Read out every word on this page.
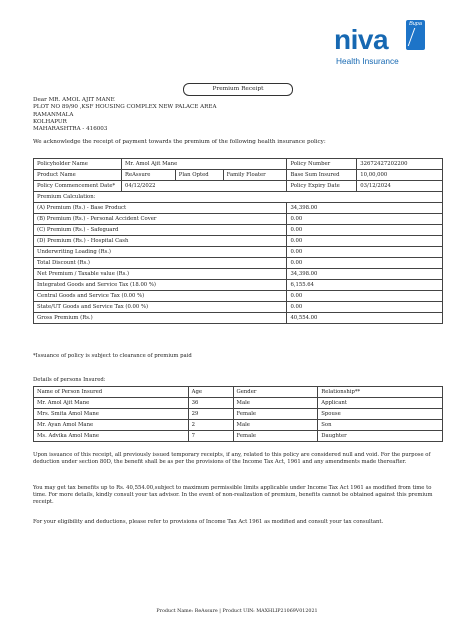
niva	Bupa
Health Insurance
Premium Receipt
Dear MR. AMOL AJIT MANE
PLOT NO 89/90 ,KSF HOUSING COMPLEX NEW PALACE AREA
RAMANMALA
KOLHAPUR
MAHARASHTRA - 416003
We acknowledge the receipt of payment towards the premium of the following health insurance policy:
Policyholder Name	Mr. Amol Ajit Mane			Policy Number	32672427202200
Product Name	ReAssure	Plan Opted	Family Floater	Base Sum Insured	10,00,000
Policy Commencement Date*	04/12/2022			Policy Expiry Date	03/12/2024
Premium Calculation:					
(A) Premium (Rs.) - Base Product				34,398.00	
(B) Premium (Rs.) - Personal Accident Cover				0.00	
(C) Premium (Rs.) - Safeguard				0.00	
(D) Premium (Rs.) - Hospital Cash				0.00	
Underwriting Loading (Rs.)				0.00	
Total Discount (Rs.)				0.00	
Net Premium / Taxable value (Rs.)				34,398.00	
Integrated Goods and Service Tax (18.00 %)				6,155.64	
Central Goods and Service Tax (0.00 %)				0.00	
State/UT Goods and Service Tax (0.00 %)				0.00	
Gross Premium (Rs.)				40,554.00	
*Issuance of policy is subject to clearance of premium paid
Details of persons Insured:
Name of Person Insured	Age	Gender	Relationship**
Mr. Amol Ajit Mane	36	Male	Applicant
Mrs. Smita Amol Mane	29	Female	Spouse
Mr. Ayan Amol Mane	2	Male	Son
Ms. Advika Amol Mane	7	Female	Daughter
Upon issuance of this receipt, all previously issued temporary receipts, if any, related to this policy are considered null and void. For the purpose of deduction under section 80D, the benefit shall be as per the provisions of the Income Tax Act, 1961 and any amendments made thereafter.
You may get tax benefits up to Rs. 40,554.00,subject to maximum permissible limits applicable under Income Tax Act 1961 as modified from time to time. For more details, kindly consult your tax advisor. In the event of non-realization of premium, benefits cannot be obtained against this premium receipt.
For your eligibility and deductions, please refer to provisions of Income Tax Act 1961 as modified and consult your tax consultant.
Product Name: ReAssure | Product UIN: MAXHLIP21069V012021
